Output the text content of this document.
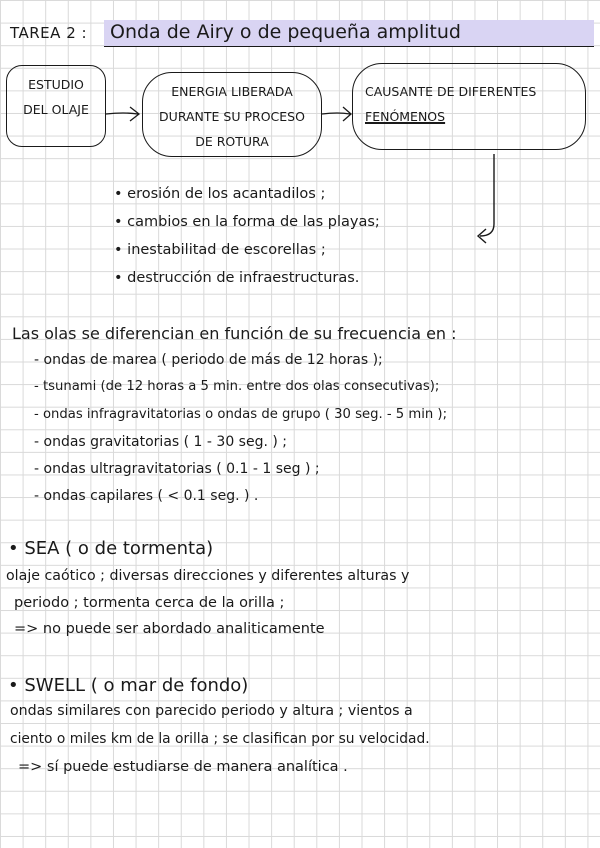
TAREA 2 : Onda de Airy o de pequeña amplitud

ESTUDIO
DEL OLAJE
ENERGIA LIBERADA
DURANTE SU PROCESO
DE ROTURA
CAUSANTE DE DIFERENTES
FENÓMENOS

• erosión de los acantadilos ;

• cambios en la forma de las playas;

• inestabilitad de escorellas ;

• destrucción de infraestructuras.

Las olas se diferencian en función de su frecuencia en :

- ondas de marea ( periodo de más de 12 horas );

- tsunami (de 12 horas a 5 min. entre dos olas consecutivas);

- ondas infragravitatorias o ondas de grupo ( 30 seg. - 5 min );

- ondas gravitatorias ( 1 - 30 seg. ) ;

- ondas ultragravitatorias ( 0.1 - 1 seg ) ;

- ondas capilares ( < 0.1 seg. ) .

• SEA ( o de tormenta)

olaje caótico ; diversas direcciones y diferentes alturas y

periodo ; tormenta cerca de la orilla ;

=> no puede ser abordado analiticamente

• SWELL ( o mar de fondo)

ondas similares con parecido periodo y altura ; vientos a

ciento o miles km de la orilla ; se clasifican por su velocidad.

=> sí puede estudiarse de manera analítica .
